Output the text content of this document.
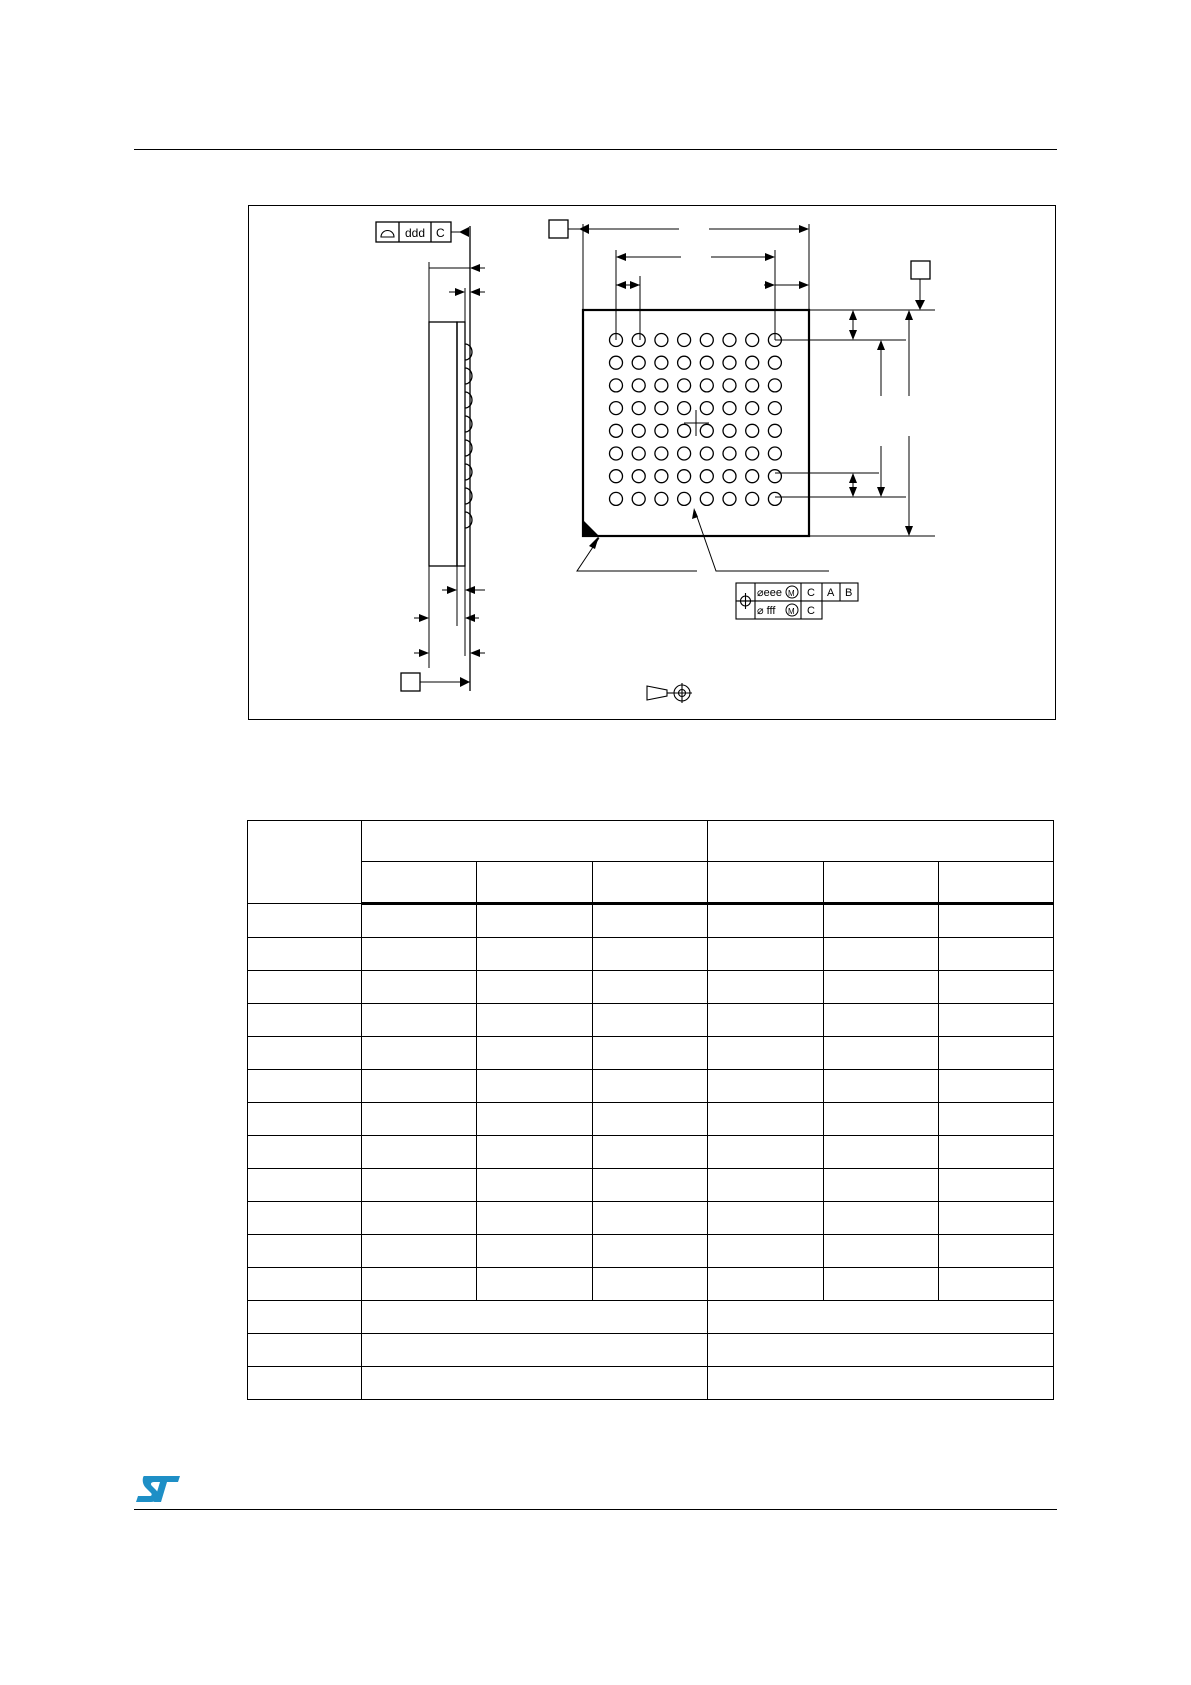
ddd C
⌀eee M C A B
⌀ fff M C
